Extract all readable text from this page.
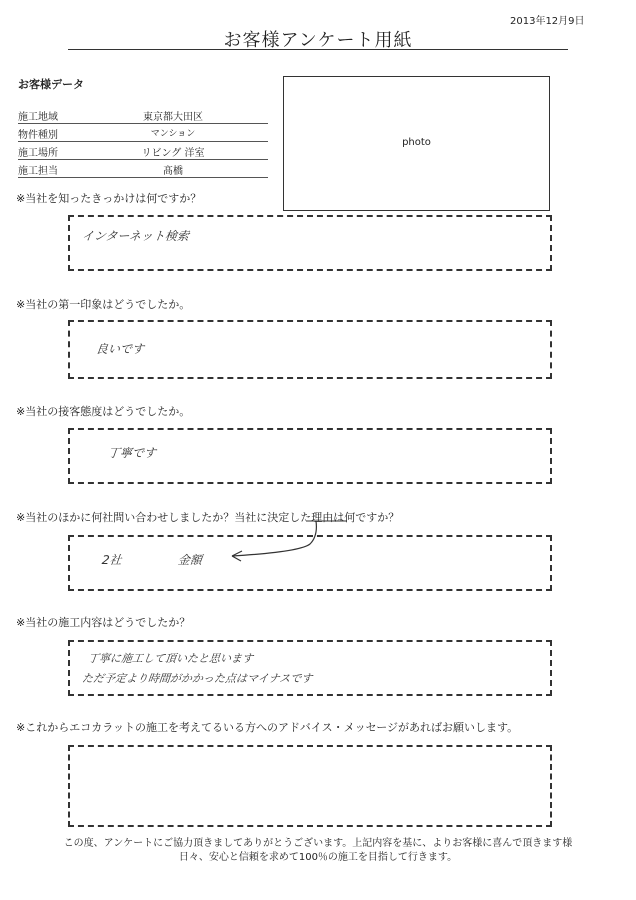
2013年12月9日
お客様アンケート用紙
お客様データ
施工地域	東京都大田区
物件種別	マンション
施工場所	リビング 洋室
施工担当	髙橋
photo
※当社を知ったきっかけは何ですか？
インターネット検索
※当社の第一印象はどうでしたか。
良いです
※当社の接客態度はどうでしたか。
丁寧です
※当社のほかに何社問い合わせしましたか？当社に決定した理由は何ですか？
2社	金額
※当社の施工内容はどうでしたか？
丁寧に施工して頂いたと思います
ただ予定より時間がかかった点はマイナスです
※これからエコカラットの施工を考えてるいる方へのアドバイス・メッセージがあればお願いします。
この度、アンケートにご協力頂きましてありがとうございます。上記内容を基に、よりお客様に喜んで頂きます様
日々、安心と信頼を求めて100％の施工を目指して行きます。
